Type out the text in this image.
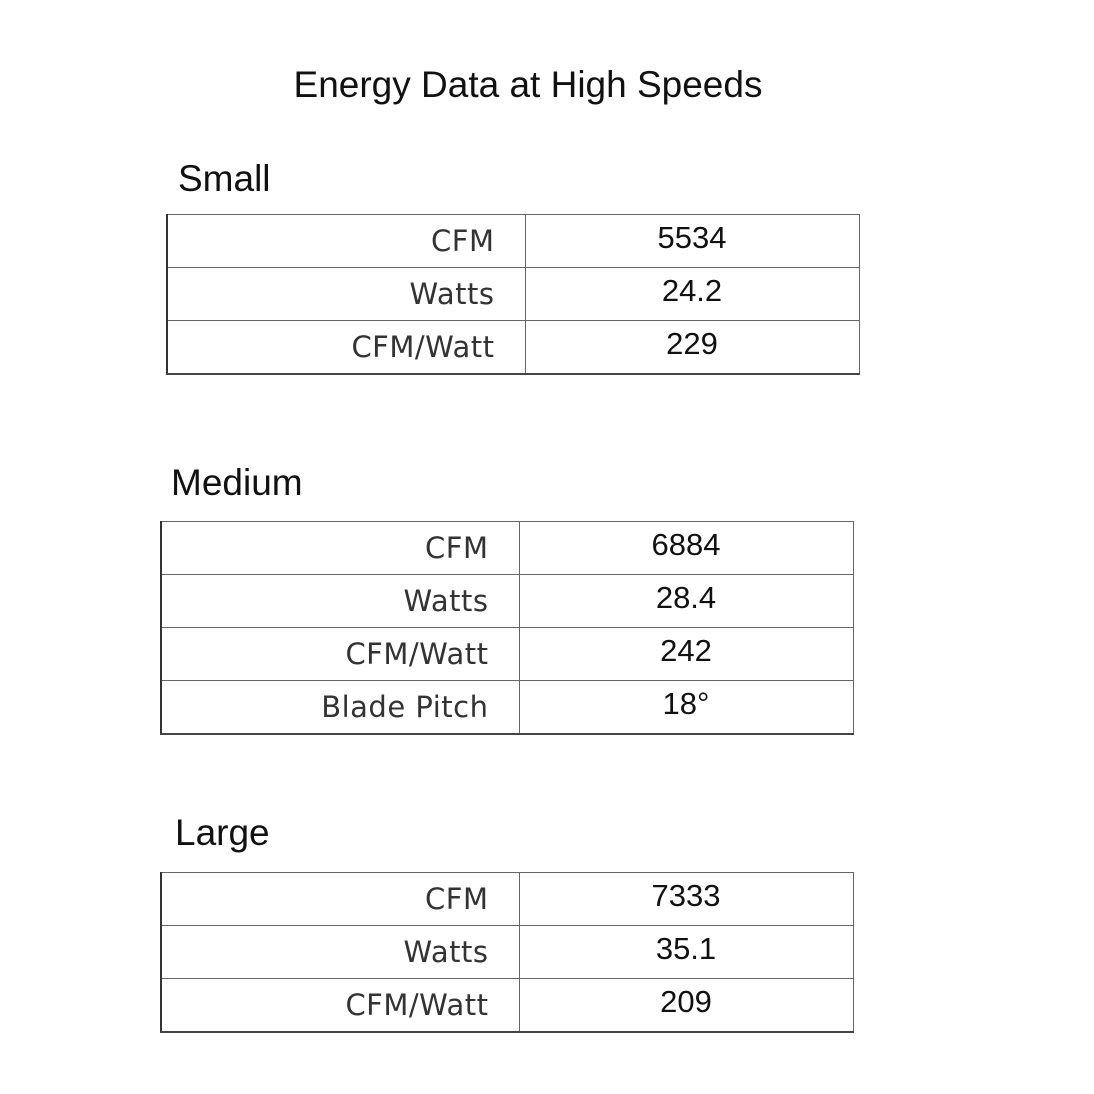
Energy Data at High Speeds
Small
CFM	5534
Watts	24.2
CFM/Watt	229
Medium
CFM	6884
Watts	28.4
CFM/Watt	242
Blade Pitch	18°
Large
CFM	7333
Watts	35.1
CFM/Watt	209
